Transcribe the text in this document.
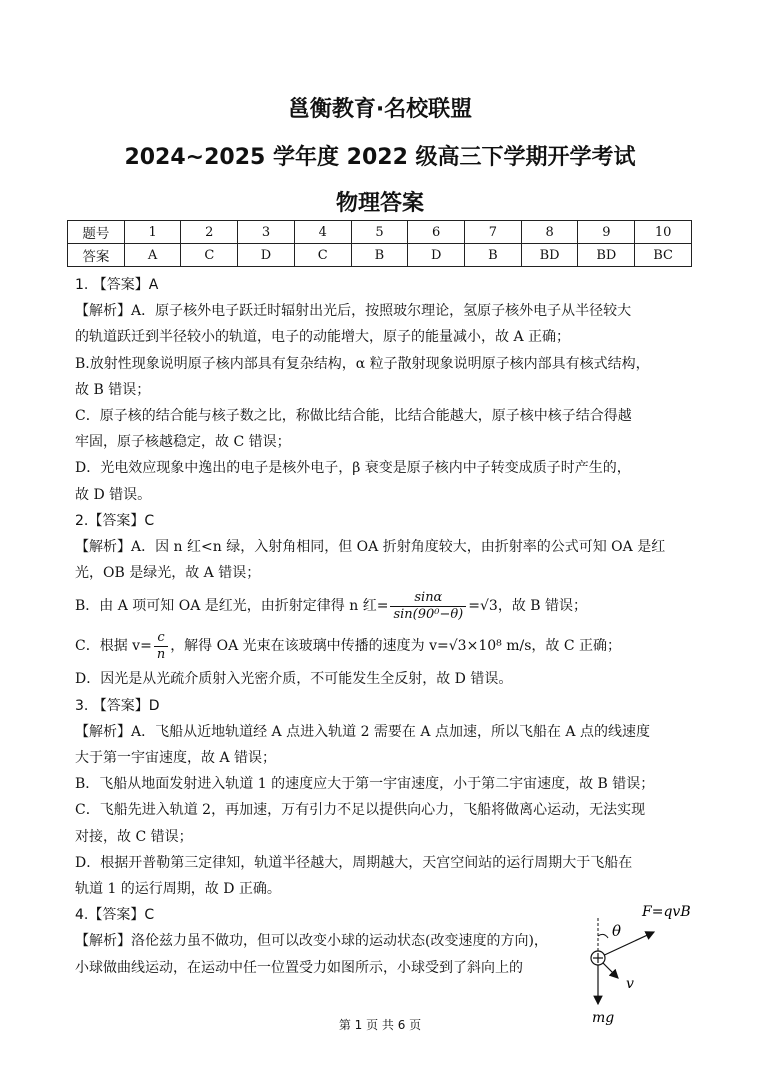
邕衡教育·名校联盟
2024~2025 学年度 2022 级高三下学期开学考试
物理答案
题号	1	2	3	4	5	6	7	8	9	10
答案	A	C	D	C	B	D	B	BD	BD	BC

1. 【答案】A

【解析】A．原子核外电子跃迁时辐射出光后，按照玻尔理论，氢原子核外电子从半径较大

的轨道跃迁到半径较小的轨道，电子的动能增大，原子的能量减小，故 A 正确；

B.放射性现象说明原子核内部具有复杂结构，α 粒子散射现象说明原子核内部具有核式结构，

故 B 错误；

C．原子核的结合能与核子数之比，称做比结合能，比结合能越大，原子核中核子结合得越

牢固，原子核越稳定，故 C 错误；

D．光电效应现象中逸出的电子是核外电子，β 衰变是原子核内中子转变成质子时产生的，

故 D 错误。

2.【答案】C

【解析】A．因 n 红<n 绿，入射角相同，但 OA 折射角度较大，由折射率的公式可知 OA 是红

光，OB 是绿光，故 A 错误；

B．由 A 项可知 OA 是红光，由折射定律得 n 红= $\frac{\sin\alpha}{\text{sin(90⁰−θ)}} =√3$，故 B 错误；

C．根据 $v= \frac{c}{n}$ ，解得 OA 光束在该玻璃中传播的速度为 v=√3×10⁸ m/s，故 C 正确；

D．因光是从光疏介质射入光密介质，不可能发生全反射，故 D 错误。

3. 【答案】D

【解析】A．飞船从近地轨道经 A 点进入轨道 2 需要在 A 点加速，所以飞船在 A 点的线速度

大于第一宇宙速度，故 A 错误；

B．飞船从地面发射进入轨道 1 的速度应大于第一宇宙速度，小于第二宇宙速度，故 B 错误；

C．飞船先进入轨道 2，再加速，万有引力不足以提供向心力，飞船将做离心运动，无法实现

对接，故 C 错误；

D．根据开普勒第三定律知，轨道半径越大，周期越大，天宫空间站的运行周期大于飞船在

轨道 1 的运行周期，故 D 正确。

4.【答案】C

【解析】洛伦兹力虽不做功，但可以改变小球的运动状态(改变速度的方向)，

小球做曲线运动，在运动中任一位置受力如图所示，小球受到了斜向上的

F=qvB
θ
v
mg
第 1 页 共 6 页
